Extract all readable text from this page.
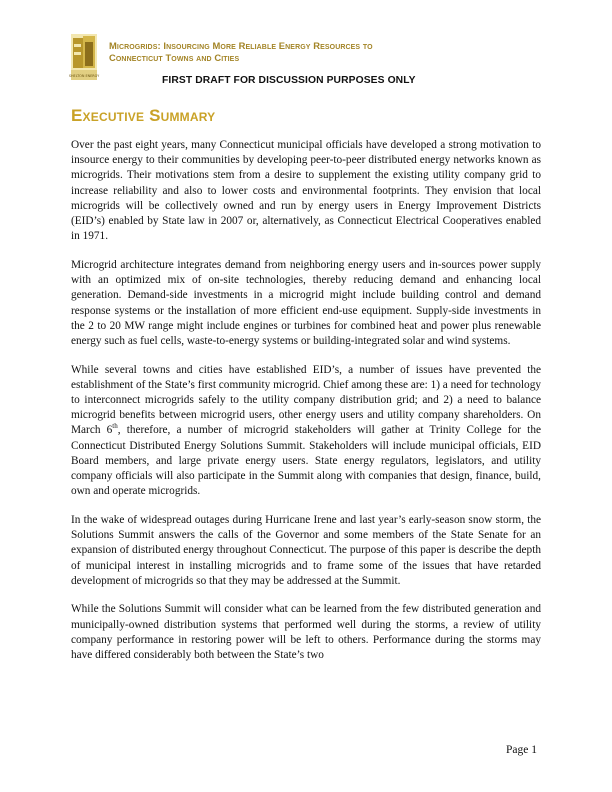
SHELTON ENERGY
Microgrids: Insourcing More Reliable Energy Resources to
Connecticut Towns and Cities
FIRST DRAFT FOR DISCUSSION PURPOSES ONLY
Executive Summary

Over the past eight years, many Connecticut municipal officials have developed a strong motivation to insource energy to their communities by developing peer-to-peer distributed energy networks known as microgrids. Their motivations stem from a desire to supplement the existing utility company grid to increase reliability and also to lower costs and environmental footprints. They envision that local microgrids will be collectively owned and run by energy users in Energy Improvement Districts (EID’s) enabled by State law in 2007 or, alternatively, as Connecticut Electrical Cooperatives enabled in 1971.

Microgrid architecture integrates demand from neighboring energy users and in-sources power supply with an optimized mix of on-site technologies, thereby reducing demand and enhancing local generation. Demand-side investments in a microgrid might include building control and demand response systems or the installation of more efficient end-use equipment. Supply-side investments in the 2 to 20 MW range might include engines or turbines for combined heat and power plus renewable energy such as fuel cells, waste-to-energy systems or building-integrated solar and wind systems.

While several towns and cities have established EID’s, a number of issues have prevented the establishment of the State’s first community microgrid. Chief among these are: 1) a need for technology to interconnect microgrids safely to the utility company distribution grid; and 2) a need to balance microgrid benefits between microgrid users, other energy users and utility company shareholders. On March 6th, therefore, a number of microgrid stakeholders will gather at Trinity College for the Connecticut Distributed Energy Solutions Summit. Stakeholders will include municipal officials, EID Board members, and large private energy users. State energy regulators, legislators, and utility company officials will also participate in the Summit along with companies that design, finance, build, own and operate microgrids.

In the wake of widespread outages during Hurricane Irene and last year’s early-season snow storm, the Solutions Summit answers the calls of the Governor and some members of the State Senate for an expansion of distributed energy throughout Connecticut. The purpose of this paper is describe the depth of municipal interest in installing microgrids and to frame some of the issues that have retarded development of microgrids so that they may be addressed at the Summit.

While the Solutions Summit will consider what can be learned from the few distributed generation and municipally-owned distribution systems that performed well during the storms, a review of utility company performance in restoring power will be left to others. Performance during the storms may have differed considerably both between the State’s two

Page 1
